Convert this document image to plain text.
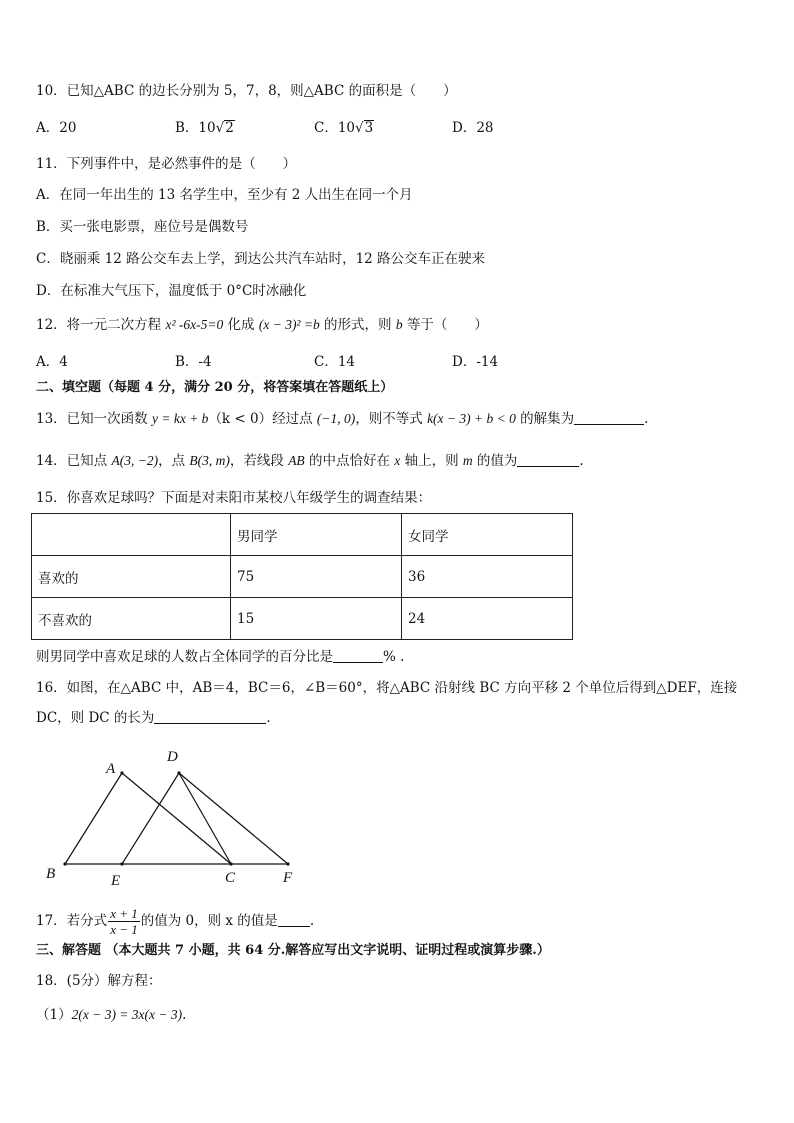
10．已知△ABC 的边长分别为 5，7，8，则△ABC 的面积是（　　）
A．20	B．10√2	C．10√3	D．28
11．下列事件中，是必然事件的是（　　）
A．在同一年出生的 13 名学生中，至少有 2 人出生在同一个月
B．买一张电影票，座位号是偶数号
C．晓丽乘 12 路公交车去上学，到达公共汽车站时，12 路公交车正在驶来
D．在标准大气压下，温度低于 0°C时冰融化
12．将一元二次方程 x² -6x-5=0 化成 (x − 3)² =b 的形式，则 b 等于（　　）
A．4	B．-4	C．14	D．-14
二、填空题（每题 4 分，满分 20 分，将答案填在答题纸上）
13．已知一次函数 y = kx + b（k < 0）经过点 (−1, 0)，则不等式 k(x − 3) + b < 0 的解集为	.
14．已知点 A(3, −2)，点 B(3, m)，若线段 AB 的中点恰好在 x 轴上，则 m 的值为	.
15．你喜欢足球吗？下面是对耒阳市某校八年级学生的调查结果：
	男同学	女同学
喜欢的	75	36
不喜欢的	15	24
则男同学中喜欢足球的人数占全体同学的百分比是	% .
16．如图，在△ABC 中，AB＝4，BC＝6，∠B＝60°，将△ABC 沿射线 BC 方向平移 2 个单位后得到△DEF，连接
DC，则 DC 的长为	.
A
D
B	E	C	F
17．若分式 $\frac{x + 1}{x - 1}$ 的值为 0，则 x 的值是 .
三、解答题 （本大题共 7 小题，共 64 分.解答应写出文字说明、证明过程或演算步骤.）
18．(5分）解方程：
（1）2(x − 3) = 3x(x − 3).
